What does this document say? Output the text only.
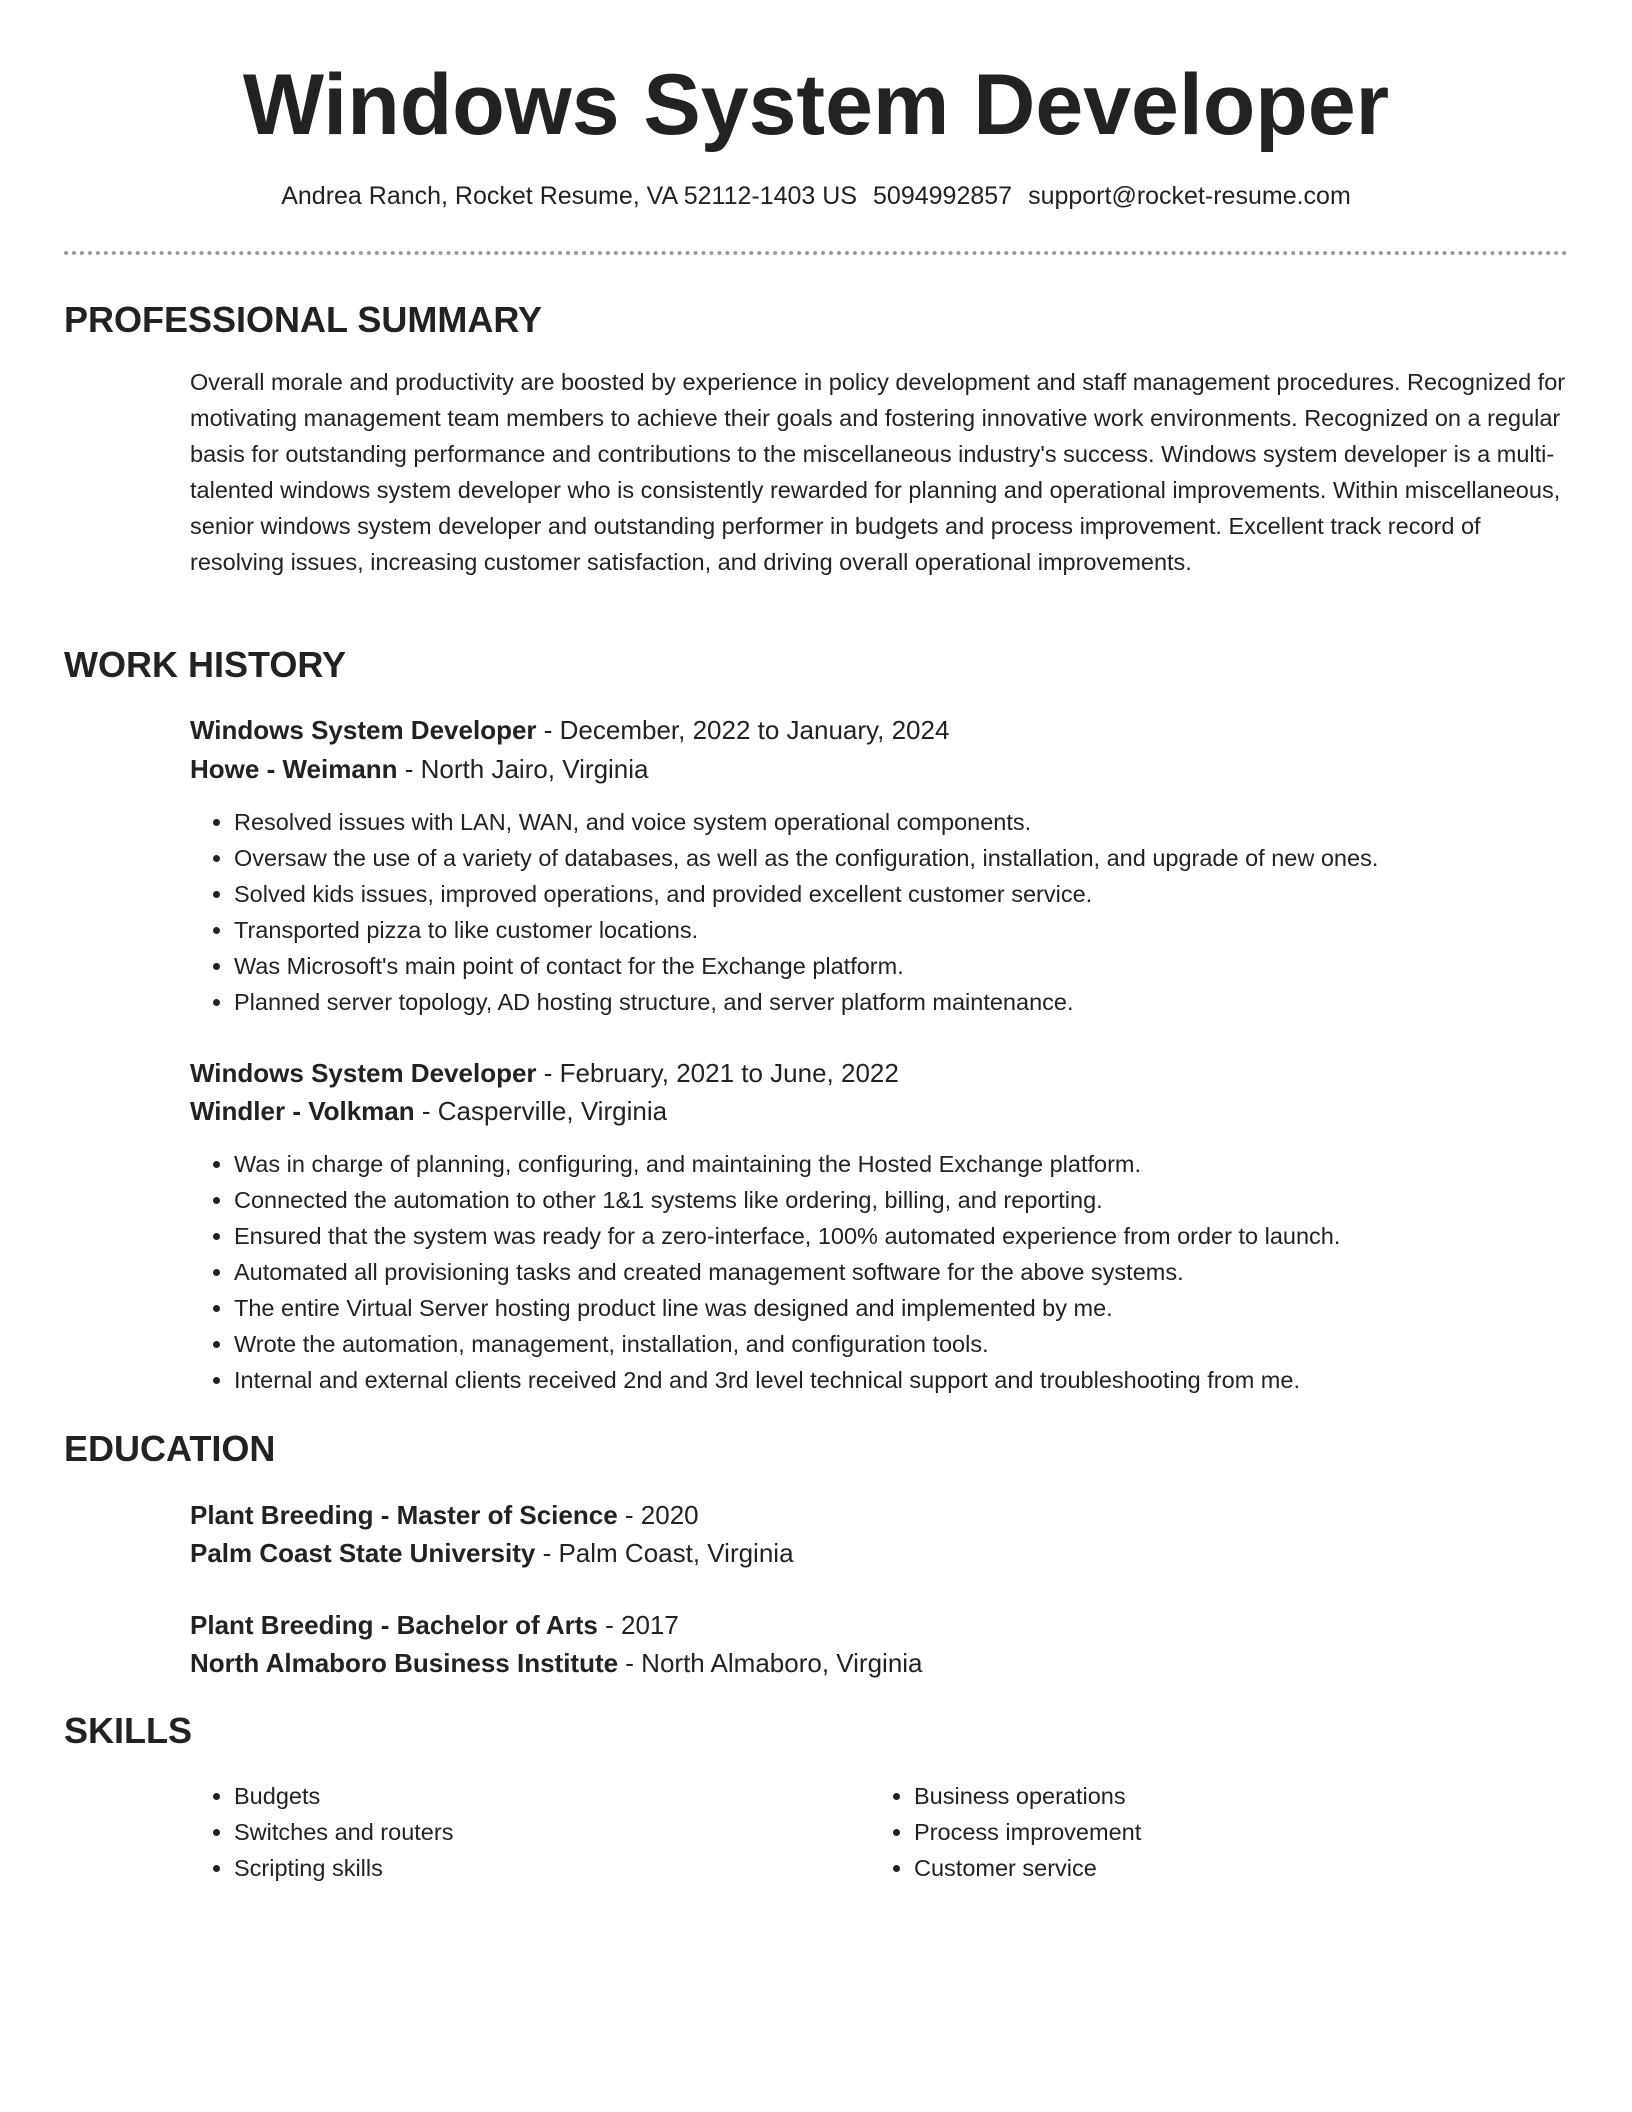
Windows System Developer
Andrea Ranch, Rocket Resume, VA 52112-1403 US 5094992857 support@rocket-resume.com
PROFESSIONAL SUMMARY

Overall morale and productivity are boosted by experience in policy development and staff management procedures. Recognized for motivating management team members to achieve their goals and fostering innovative work environments. Recognized on a regular basis for outstanding performance and contributions to the miscellaneous industry's success. Windows system developer is a multi-talented windows system developer who is consistently rewarded for planning and operational improvements. Within miscellaneous, senior windows system developer and outstanding performer in budgets and process improvement. Excellent track record of resolving issues, increasing customer satisfaction, and driving overall operational improvements.

WORK HISTORY
Windows System Developer - December, 2022 to January, 2024
Howe - Weimann - North Jairo, Virginia
• Resolved issues with LAN, WAN, and voice system operational components.
• Oversaw the use of a variety of databases, as well as the configuration, installation, and upgrade of new ones.
• Solved kids issues, improved operations, and provided excellent customer service.
• Transported pizza to like customer locations.
• Was Microsoft's main point of contact for the Exchange platform.
• Planned server topology, AD hosting structure, and server platform maintenance.
Windows System Developer - February, 2021 to June, 2022
Windler - Volkman - Casperville, Virginia
• Was in charge of planning, configuring, and maintaining the Hosted Exchange platform.
• Connected the automation to other 1&1 systems like ordering, billing, and reporting.
• Ensured that the system was ready for a zero-interface, 100% automated experience from order to launch.
• Automated all provisioning tasks and created management software for the above systems.
• The entire Virtual Server hosting product line was designed and implemented by me.
• Wrote the automation, management, installation, and configuration tools.
• Internal and external clients received 2nd and 3rd level technical support and troubleshooting from me.
EDUCATION
Plant Breeding - Master of Science - 2020
Palm Coast State University - Palm Coast, Virginia
Plant Breeding - Bachelor of Arts - 2017
North Almaboro Business Institute - North Almaboro, Virginia
SKILLS
• Budgets
• Switches and routers
• Scripting skills
• Business operations
• Process improvement
• Customer service
